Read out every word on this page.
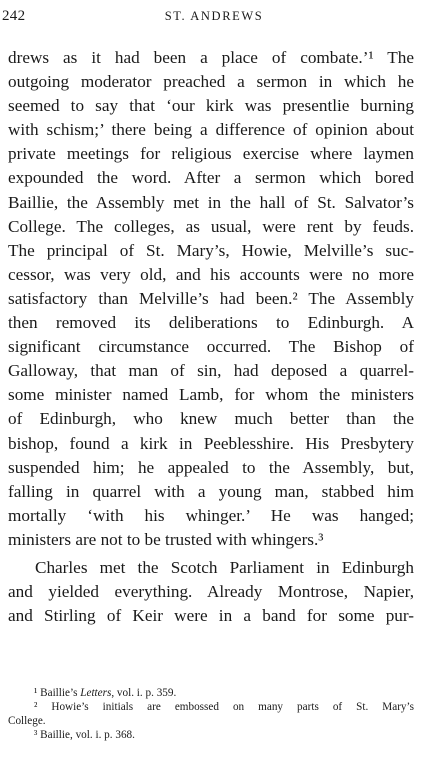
242	ST. ANDREWS
drews as it had been a place of combate.’¹ The
outgoing moderator preached a sermon in which he
seemed to say that ‘our kirk was presentlie burning
with schism;’ there being a difference of opinion about
private meetings for religious exercise where laymen
expounded the word. After a sermon which bored
Baillie, the Assembly met in the hall of St. Salvator’s
College. The colleges, as usual, were rent by feuds.
The principal of St. Mary’s, Howie, Melville’s suc-
cessor, was very old, and his accounts were no more
satisfactory than Melville’s had been.² The Assembly
then removed its deliberations to Edinburgh. A
significant circumstance occurred. The Bishop of
Galloway, that man of sin, had deposed a quarrel-
some minister named Lamb, for whom the ministers
of Edinburgh, who knew much better than the
bishop, found a kirk in Peeblesshire. His Presbytery
suspended him; he appealed to the Assembly, but,
falling in quarrel with a young man, stabbed him
mortally ‘with his whinger.’ He was hanged;
ministers are not to be trusted with whingers.³
Charles met the Scotch Parliament in Edinburgh
and yielded everything. Already Montrose, Napier,
and Stirling of Keir were in a band for some pur-
¹ Baillie’s Letters, vol. i. p. 359.
² Howie’s initials are embossed on many parts of St. Mary’s
College.
³ Baillie, vol. i. p. 368.
